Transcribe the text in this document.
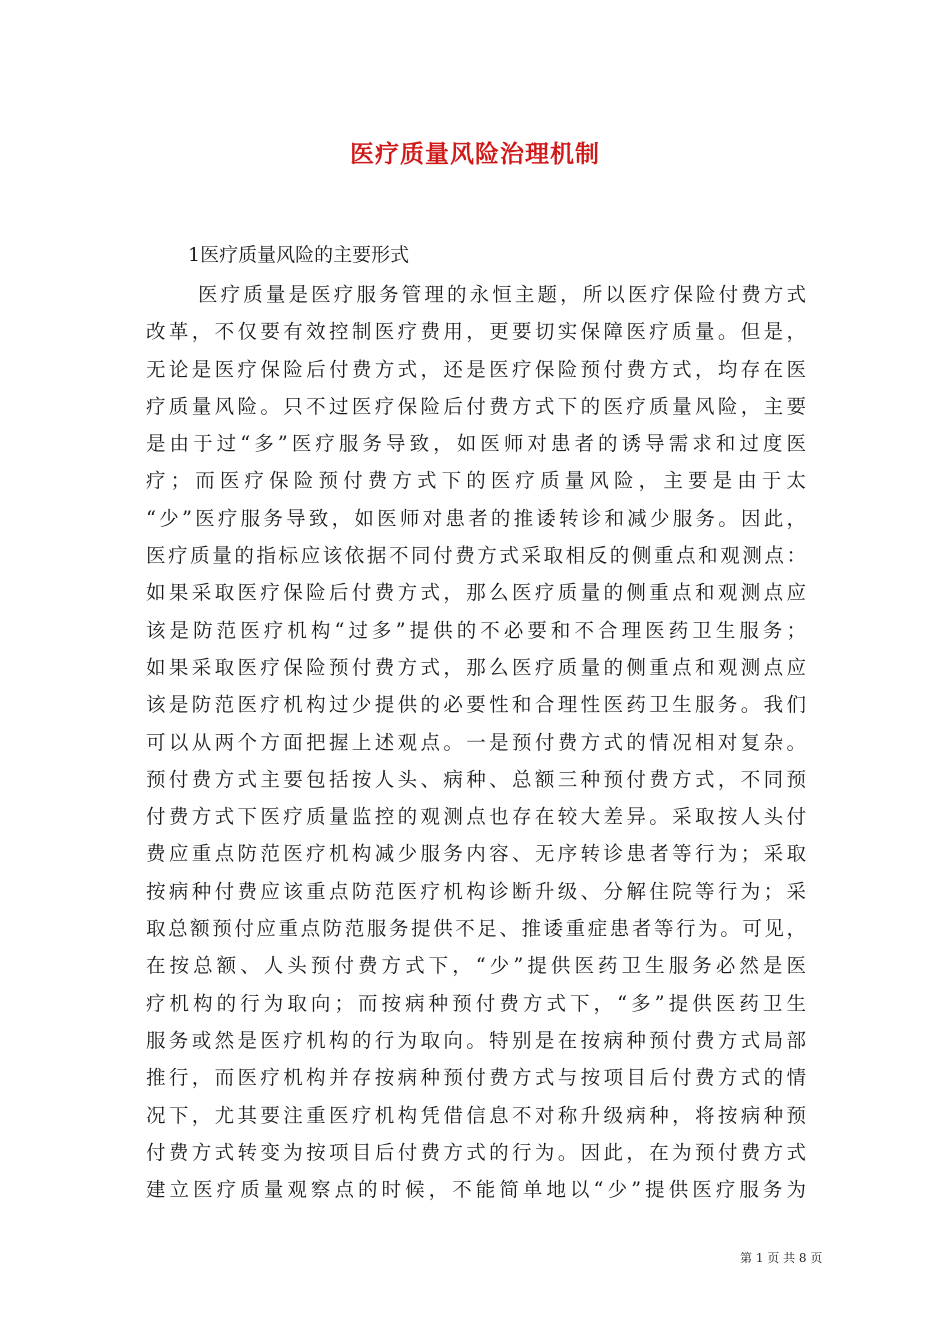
医疗质量风险治理机制
1医疗质量风险的主要形式
医疗质量是医疗服务管理的永恒主题，所以医疗保险付费方式
改革，不仅要有效控制医疗费用，更要切实保障医疗质量。但是，
无论是医疗保险后付费方式，还是医疗保险预付费方式，均存在医
疗质量风险。只不过医疗保险后付费方式下的医疗质量风险，主要
是由于过“多”医疗服务导致，如医师对患者的诱导需求和过度医
疗；而医疗保险预付费方式下的医疗质量风险，主要是由于太
“少”医疗服务导致，如医师对患者的推诿转诊和减少服务。因此，
医疗质量的指标应该依据不同付费方式采取相反的侧重点和观测点：
如果采取医疗保险后付费方式，那么医疗质量的侧重点和观测点应
该是防范医疗机构“过多”提供的不必要和不合理医药卫生服务；
如果采取医疗保险预付费方式，那么医疗质量的侧重点和观测点应
该是防范医疗机构过少提供的必要性和合理性医药卫生服务。我们
可以从两个方面把握上述观点。一是预付费方式的情况相对复杂。
预付费方式主要包括按人头、病种、总额三种预付费方式，不同预
付费方式下医疗质量监控的观测点也存在较大差异。采取按人头付
费应重点防范医疗机构减少服务内容、无序转诊患者等行为；采取
按病种付费应该重点防范医疗机构诊断升级、分解住院等行为；采
取总额预付应重点防范服务提供不足、推诿重症患者等行为。可见，
在按总额、人头预付费方式下，“少”提供医药卫生服务必然是医
疗机构的行为取向；而按病种预付费方式下，“多”提供医药卫生
服务或然是医疗机构的行为取向。特别是在按病种预付费方式局部
推行，而医疗机构并存按病种预付费方式与按项目后付费方式的情
况下，尤其要注重医疗机构凭借信息不对称升级病种，将按病种预
付费方式转变为按项目后付费方式的行为。因此，在为预付费方式
建立医疗质量观察点的时候，不能简单地以“少”提供医疗服务为
第 1 页 共 8 页
